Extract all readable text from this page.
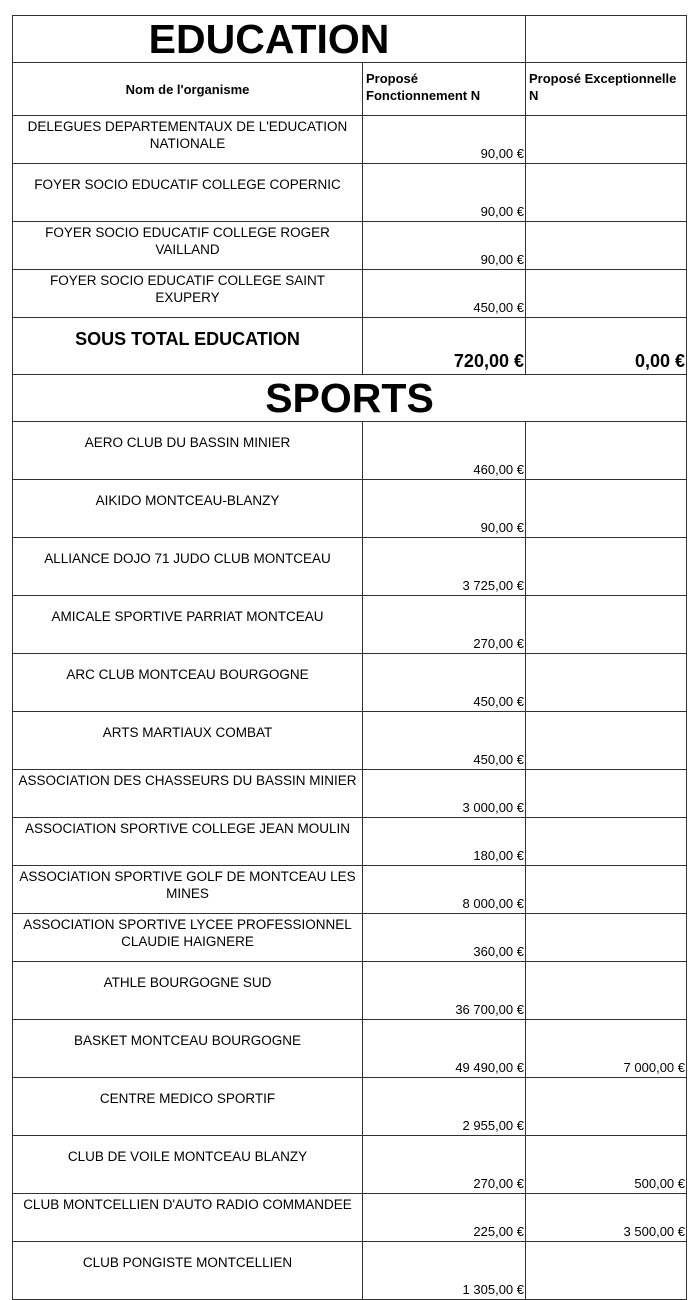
EDUCATION		
Nom de l'organisme	Proposé Fonctionnement N	Proposé Exceptionnelle N
DELEGUES DEPARTEMENTAUX DE L'EDUCATION NATIONALE	90,00 €	
FOYER SOCIO EDUCATIF COLLEGE COPERNIC	90,00 €	
FOYER SOCIO EDUCATIF COLLEGE ROGER VAILLAND	90,00 €	
FOYER SOCIO EDUCATIF COLLEGE SAINT EXUPERY	450,00 €	
SOUS TOTAL EDUCATION	720,00 €	0,00 €
SPORTS		
AERO CLUB DU BASSIN MINIER	460,00 €	
AIKIDO MONTCEAU-BLANZY	90,00 €	
ALLIANCE DOJO 71 JUDO CLUB MONTCEAU	3 725,00 €	
AMICALE SPORTIVE PARRIAT MONTCEAU	270,00 €	
ARC CLUB MONTCEAU BOURGOGNE	450,00 €	
ARTS MARTIAUX COMBAT	450,00 €	
ASSOCIATION DES CHASSEURS DU BASSIN MINIER	3 000,00 €	
ASSOCIATION SPORTIVE COLLEGE JEAN MOULIN	180,00 €	
ASSOCIATION SPORTIVE GOLF DE MONTCEAU LES MINES	8 000,00 €	
ASSOCIATION SPORTIVE LYCEE PROFESSIONNEL CLAUDIE HAIGNERE	360,00 €	
ATHLE BOURGOGNE SUD	36 700,00 €	
BASKET MONTCEAU BOURGOGNE	49 490,00 €	7 000,00 €
CENTRE MEDICO SPORTIF	2 955,00 €	
CLUB DE VOILE MONTCEAU BLANZY	270,00 €	500,00 €
CLUB MONTCELLIEN D'AUTO RADIO COMMANDEE	225,00 €	3 500,00 €
CLUB PONGISTE MONTCELLIEN	1 305,00 €	
